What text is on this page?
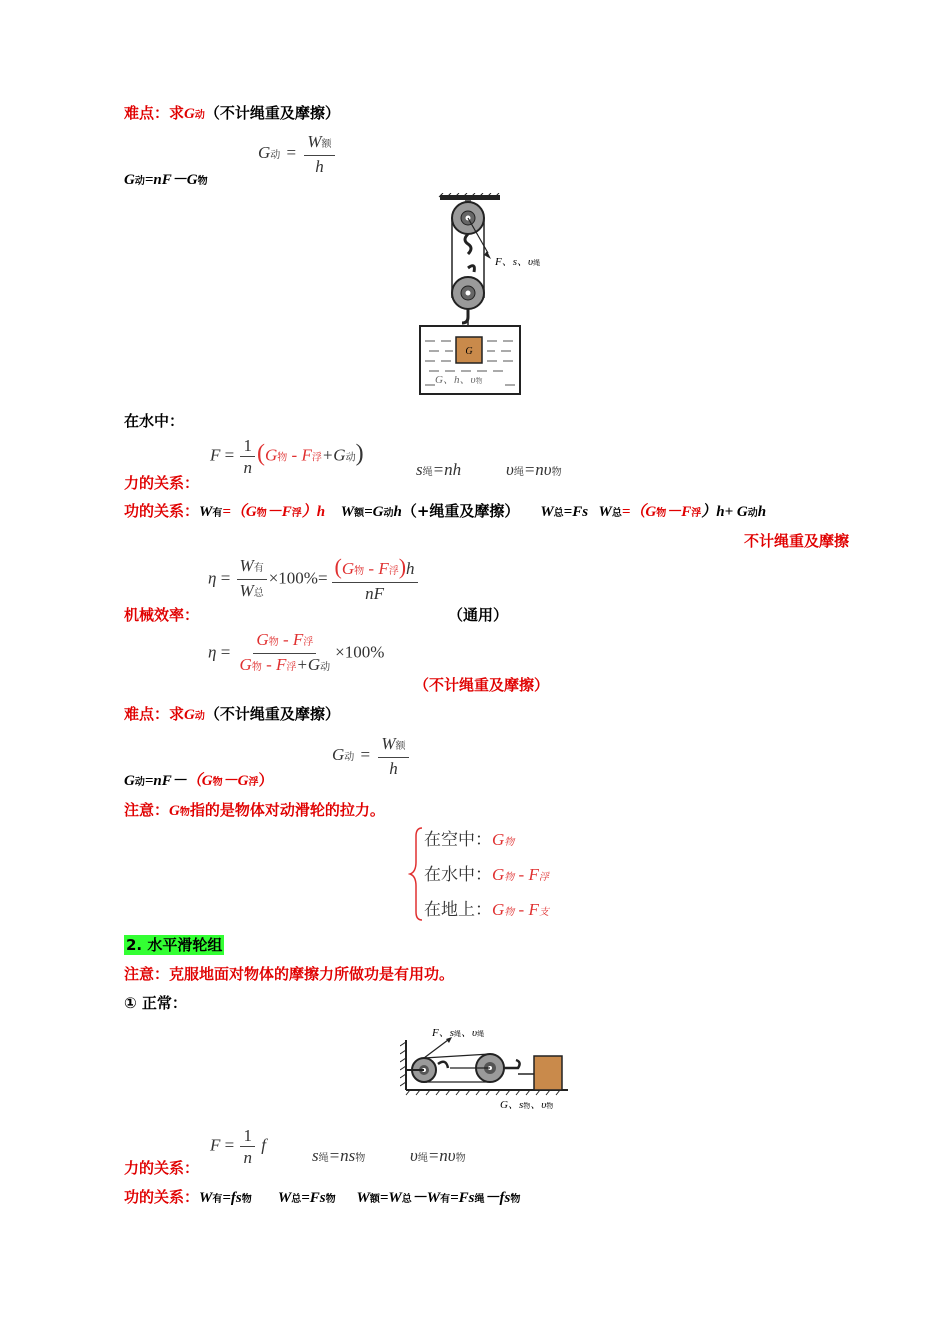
难点：求G动（不计绳重及摩擦）
G动 = $\frac{\text{W额}}{h}$
G动=nF－G物
G
F、s、υ绳
G、h、υ物
在水中：
$F = \frac{1}{n} (G$物 - F浮+G动)
力的关系：
s绳=nh	υ绳=nυ物
功的关系：W有=（G物－F浮）h W额=G动h（+绳重及摩擦） W总=Fs W总=（G物－F浮）h+ G动h
不计绳重及摩擦
$\eta = \frac{\text{W有}}{\text{W总}} \times 100\%= \frac{\text{(G物 - F浮)h}}{nF}$
机械效率：	（通用）
$\eta = \frac{\text{G物 - F浮}}{\text{G物 - F浮+G动}} \times 100\%$
（不计绳重及摩擦）
难点：求G动（不计绳重及摩擦）
G动 = $\frac{\text{W额}}{h}$
G动=nF－（G物－G浮）
注意：G物指的是物体对动滑轮的拉力。
在空中：G物
在水中：G物 - F浮
在地上：G物 - F支
2. 水平滑轮组
注意：克服地面对物体的摩擦力所做功是有用功。
① 正常：
F、s绳、υ绳
G、s物、υ物
$F = \frac{1}{n}$ f
s绳=ns物	υ绳=nυ物
力的关系：
功的关系：W有=fs物 W总=Fs物 W额=W总－W有=Fs绳－fs物
